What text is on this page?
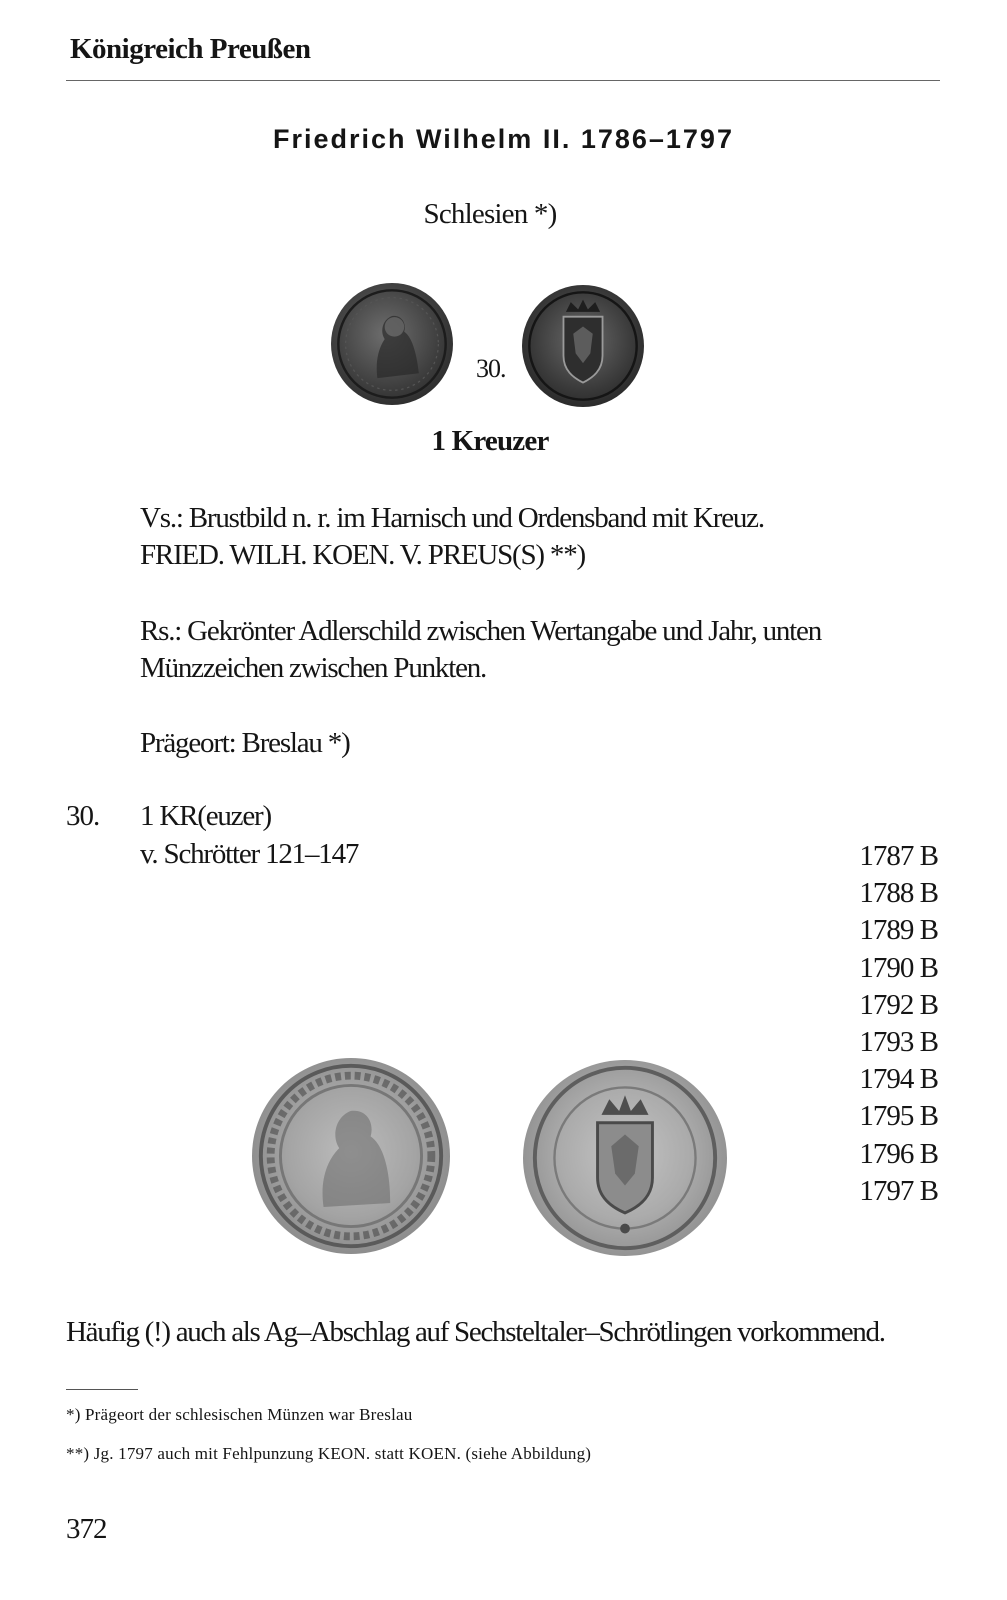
Königreich Preußen
Friedrich Wilhelm II. 1786–1797
Schlesien *)
30.
1 Kreuzer
Vs.: Brustbild n. r. im Harnisch und Ordensband mit Kreuz.
FRIED. WILH. KOEN. V. PREUS(S) **)
Rs.: Gekrönter Adlerschild zwischen Wertangabe und Jahr, unten
Münzzeichen zwischen Punkten.
Prägeort: Breslau *)
30. 1 KR(euzer)
v. Schrötter 121–147	1787 B
1788 B
1789 B
1790 B
1792 B
1793 B
1794 B
1795 B
1796 B
1797 B
Häufig (!) auch als Ag–Abschlag auf Sechsteltaler–Schrötlingen vorkommend.
*) Prägeort der schlesischen Münzen war Breslau
**) Jg. 1797 auch mit Fehlpunzung KEON. statt KOEN. (siehe Abbildung)
372
